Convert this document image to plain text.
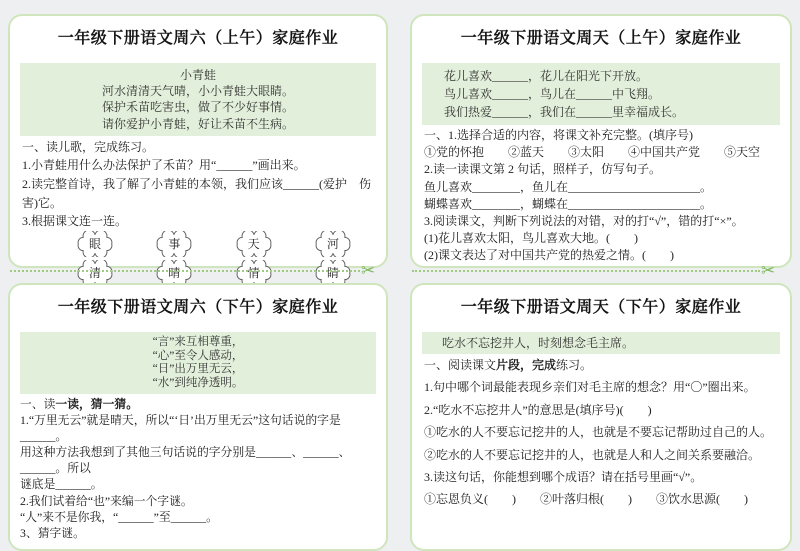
一年级下册语文周六（上午）家庭作业

小青蛙

河水清清天气晴，小小青蛙大眼睛。

保护禾苗吃害虫，做了不少好事情。

请你爱护小青蛙，好让禾苗不生病。

一、读儿歌，完成练习。

1.小青蛙用什么办法保护了禾苗？用“______”画出来。

2.读完整首诗，我了解了小青蛙的本领，我们应该______(爱护　伤害)它。

3.根据课文连一连。

眼	事	天	河
清	晴	情	睛
一年级下册语文周天（上午）家庭作业

花儿喜欢______，花儿在阳光下开放。

鸟儿喜欢______，鸟儿在______中飞翔。

我们热爱______，我们在______里幸福成长。

一、1.选择合适的内容，将课文补充完整。(填序号)

①党的怀抱　　②蓝天　　③太阳　　④中国共产党　　⑤天空

2.读一读课文第 2 句话，照样子，仿写句子。

鱼儿喜欢________，鱼儿在______________________。

蝴蝶喜欢________，蝴蝶在______________________。

3.阅读课文，判断下列说法的对错，对的打“√”，错的打“×”。

(1)花儿喜欢太阳，鸟儿喜欢大地。(　　)

(2)课文表达了对中国共产党的热爱之情。(　　)

一年级下册语文周六（下午）家庭作业

“言”来互相尊重，

“心”至令人感动，

“日”出万里无云，

“水”到纯净透明。

一、读一读，猜一猜。

1.“万里无云”就是晴天，所以“‘日’出万里无云”这句话说的字是______。

用这种方法我想到了其他三句话说的字分别是______、______、______。所以

谜底是______。

2.我们试着给“也”来编一个字谜。

“人”来不是你我，“______”至______。

3、猜字谜。

一年级下册语文周天（下午）家庭作业

吃水不忘挖井人，时刻想念毛主席。

一、阅读课文片段，完成练习。

1.句中哪个词最能表现乡亲们对毛主席的想念？用“〇”圈出来。

2.“吃水不忘挖井人”的意思是(填序号)(　　)

①吃水的人不要忘记挖井的人，也就是不要忘记帮助过自己的人。

②吃水的人不要忘记挖井的人，也就是人和人之间关系要融洽。

3.读这句话，你能想到哪个成语？请在括号里画“√”。

①忘恩负义(　　)　　②叶落归根(　　)　　③饮水思源(　　)

✂	✂
